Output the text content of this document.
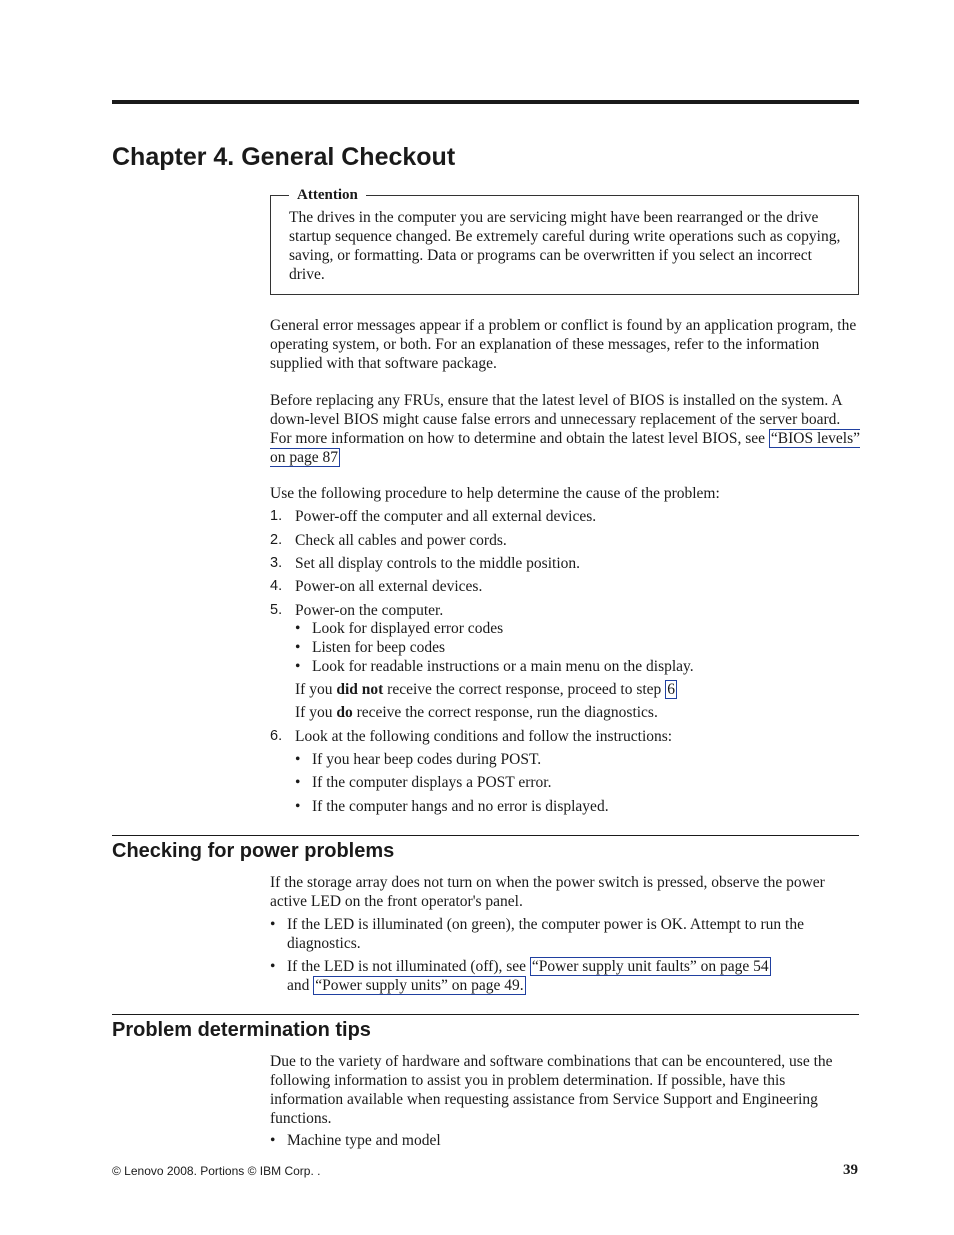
Chapter 4. General Checkout
Attention

The drives in the computer you are servicing might have been rearranged or the drive startup sequence changed. Be extremely careful during write operations such as copying, saving, or formatting. Data or programs can be overwritten if you select an incorrect drive.

General error messages appear if a problem or conflict is found by an application program, the operating system, or both. For an explanation of these messages, refer to the information supplied with that software package.

Before replacing any FRUs, ensure that the latest level of BIOS is installed on the system. A down-level BIOS might cause false errors and unnecessary replacement of the server board. For more information on how to determine and obtain the latest level BIOS, see “BIOS levels” on page 87

Use the following procedure to help determine the cause of the problem:

1. Power-off the computer and all external devices.
2. Check all cables and power cords.
3. Set all display controls to the middle position.
4. Power-on all external devices.
5. Power-on the computer.
6. Look at the following conditions and follow the instructions:
• Look for displayed error codes
• Listen for beep codes
• Look for readable instructions or a main menu on the display.
If you did not receive the correct response, proceed to step 6
If you do receive the correct response, run the diagnostics.
• If you hear beep codes during POST.
• If the computer displays a POST error.
• If the computer hangs and no error is displayed.
Checking for power problems

If the storage array does not turn on when the power switch is pressed, observe the power active LED on the front operator's panel.

• If the LED is illuminated (on green), the computer power is OK. Attempt to run the diagnostics.
• If the LED is not illuminated (off), see “Power supply unit faults” on page 54
and “Power supply units” on page 49.
Problem determination tips

Due to the variety of hardware and software combinations that can be encountered, use the following information to assist you in problem determination. If possible, have this information available when requesting assistance from Service Support and Engineering functions.

• Machine type and model
© Lenovo 2008. Portions © IBM Corp. .	39
